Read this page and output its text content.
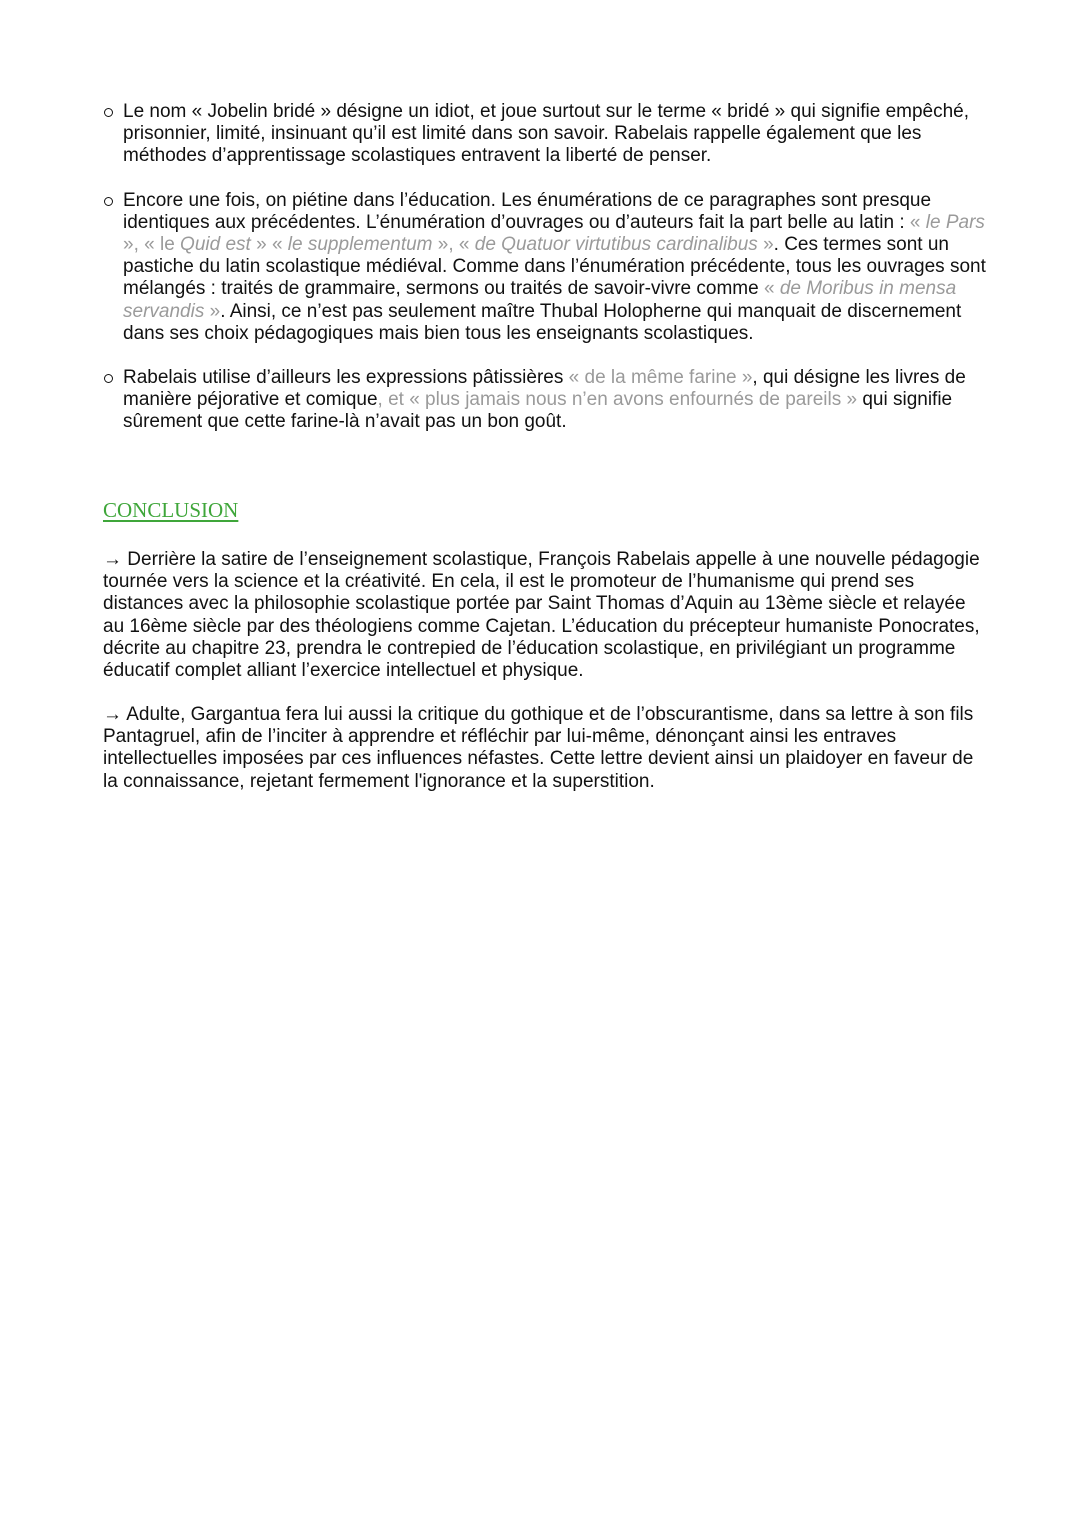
Le nom « Jobelin bridé » désigne un idiot, et joue surtout sur le terme « bridé » qui signifie empêché, prisonnier, limité, insinuant qu’il est limité dans son savoir. Rabelais rappelle également que les méthodes d’apprentissage scolastiques entravent la liberté de penser.
Encore une fois, on piétine dans l’éducation. Les énumérations de ce paragraphes sont presque identiques aux précédentes. L’énumération d’ouvrages ou d’auteurs fait la part belle au latin : « le Pars », « le Quid est » « le supplementum », « de Quatuor virtutibus cardinalibus ». Ces termes sont un pastiche du latin scolastique médiéval. Comme dans l’énumération précédente, tous les ouvrages sont mélangés : traités de grammaire, sermons ou traités de savoir-vivre comme « de Moribus in mensa servandis ». Ainsi, ce n’est pas seulement maître Thubal Holopherne qui manquait de discernement dans ses choix pédagogiques mais bien tous les enseignants scolastiques.
Rabelais utilise d’ailleurs les expressions pâtissières « de la même farine », qui désigne les livres de manière péjorative et comique, et « plus jamais nous n’en avons enfournés de pareils » qui signifie sûrement que cette farine-là n’avait pas un bon goût.
CONCLUSION

→ Derrière la satire de l’enseignement scolastique, François Rabelais appelle à une nouvelle pédagogie tournée vers la science et la créativité. En cela, il est le promoteur de l’humanisme qui prend ses distances avec la philosophie scolastique portée par Saint Thomas d’Aquin au 13ème siècle et relayée au 16ème siècle par des théologiens comme Cajetan. L’éducation du précepteur humaniste Ponocrates, décrite au chapitre 23, prendra le contrepied de l’éducation scolastique, en privilégiant un programme éducatif complet alliant l’exercice intellectuel et physique.

→ Adulte, Gargantua fera lui aussi la critique du gothique et de l’obscurantisme, dans sa lettre à son fils Pantagruel, afin de l’inciter à apprendre et réfléchir par lui-même, dénonçant ainsi les entraves intellectuelles imposées par ces influences néfastes. Cette lettre devient ainsi un plaidoyer en faveur de la connaissance, rejetant fermement l'ignorance et la superstition.
